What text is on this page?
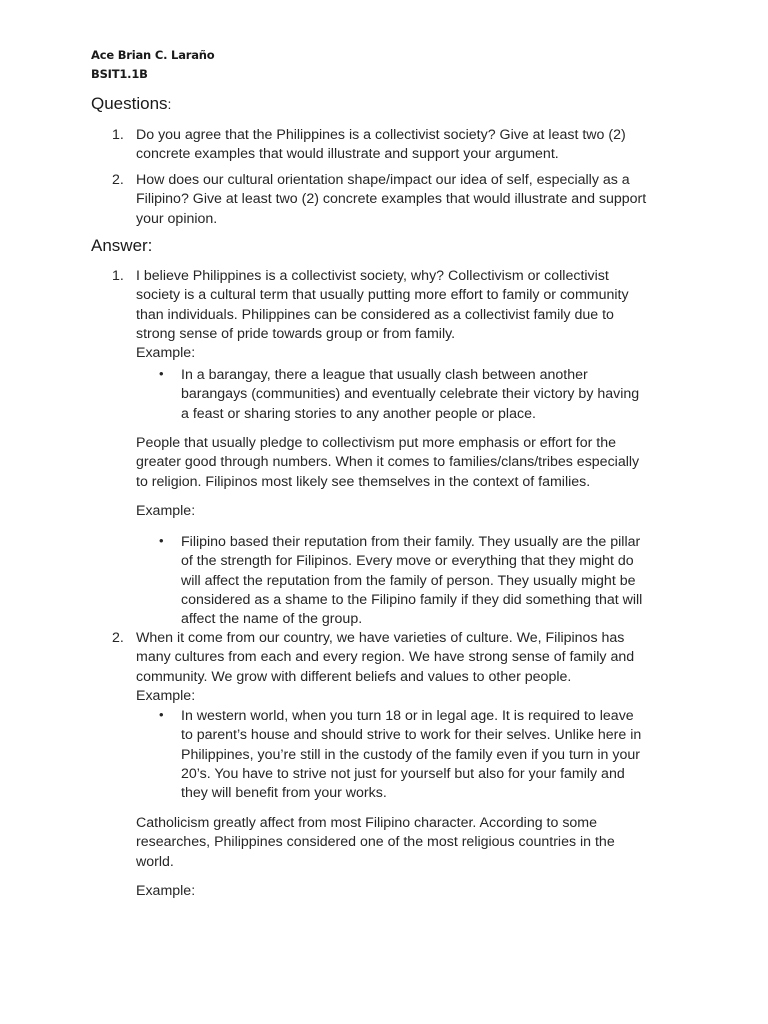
Ace Brian C. Laraño
BSIT1.1B
Questions:
1. Do you agree that the Philippines is a collectivist society? Give at least two (2)
concrete examples that would illustrate and support your argument.
2. How does our cultural orientation shape/impact our idea of self, especially as a
Filipino? Give at least two (2) concrete examples that would illustrate and support
your opinion.
Answer:
1. I believe Philippines is a collectivist society, why? Collectivism or collectivist
society is a cultural term that usually putting more effort to family or community
than individuals. Philippines can be considered as a collectivist family due to
strong sense of pride towards group or from family.
Example:
• In a barangay, there a league that usually clash between another
barangays (communities) and eventually celebrate their victory by having
a feast or sharing stories to any another people or place.
People that usually pledge to collectivism put more emphasis or effort for the
greater good through numbers. When it comes to families/clans/tribes especially
to religion. Filipinos most likely see themselves in the context of families.
Example:
• Filipino based their reputation from their family. They usually are the pillar
of the strength for Filipinos. Every move or everything that they might do
will affect the reputation from the family of person. They usually might be
considered as a shame to the Filipino family if they did something that will
affect the name of the group.
2. When it come from our country, we have varieties of culture. We, Filipinos has
many cultures from each and every region. We have strong sense of family and
community. We grow with different beliefs and values to other people.
Example:
• In western world, when you turn 18 or in legal age. It is required to leave
to parent’s house and should strive to work for their selves. Unlike here in
Philippines, you’re still in the custody of the family even if you turn in your
20’s. You have to strive not just for yourself but also for your family and
they will benefit from your works.
Catholicism greatly affect from most Filipino character. According to some
researches, Philippines considered one of the most religious countries in the
world.
Example:
